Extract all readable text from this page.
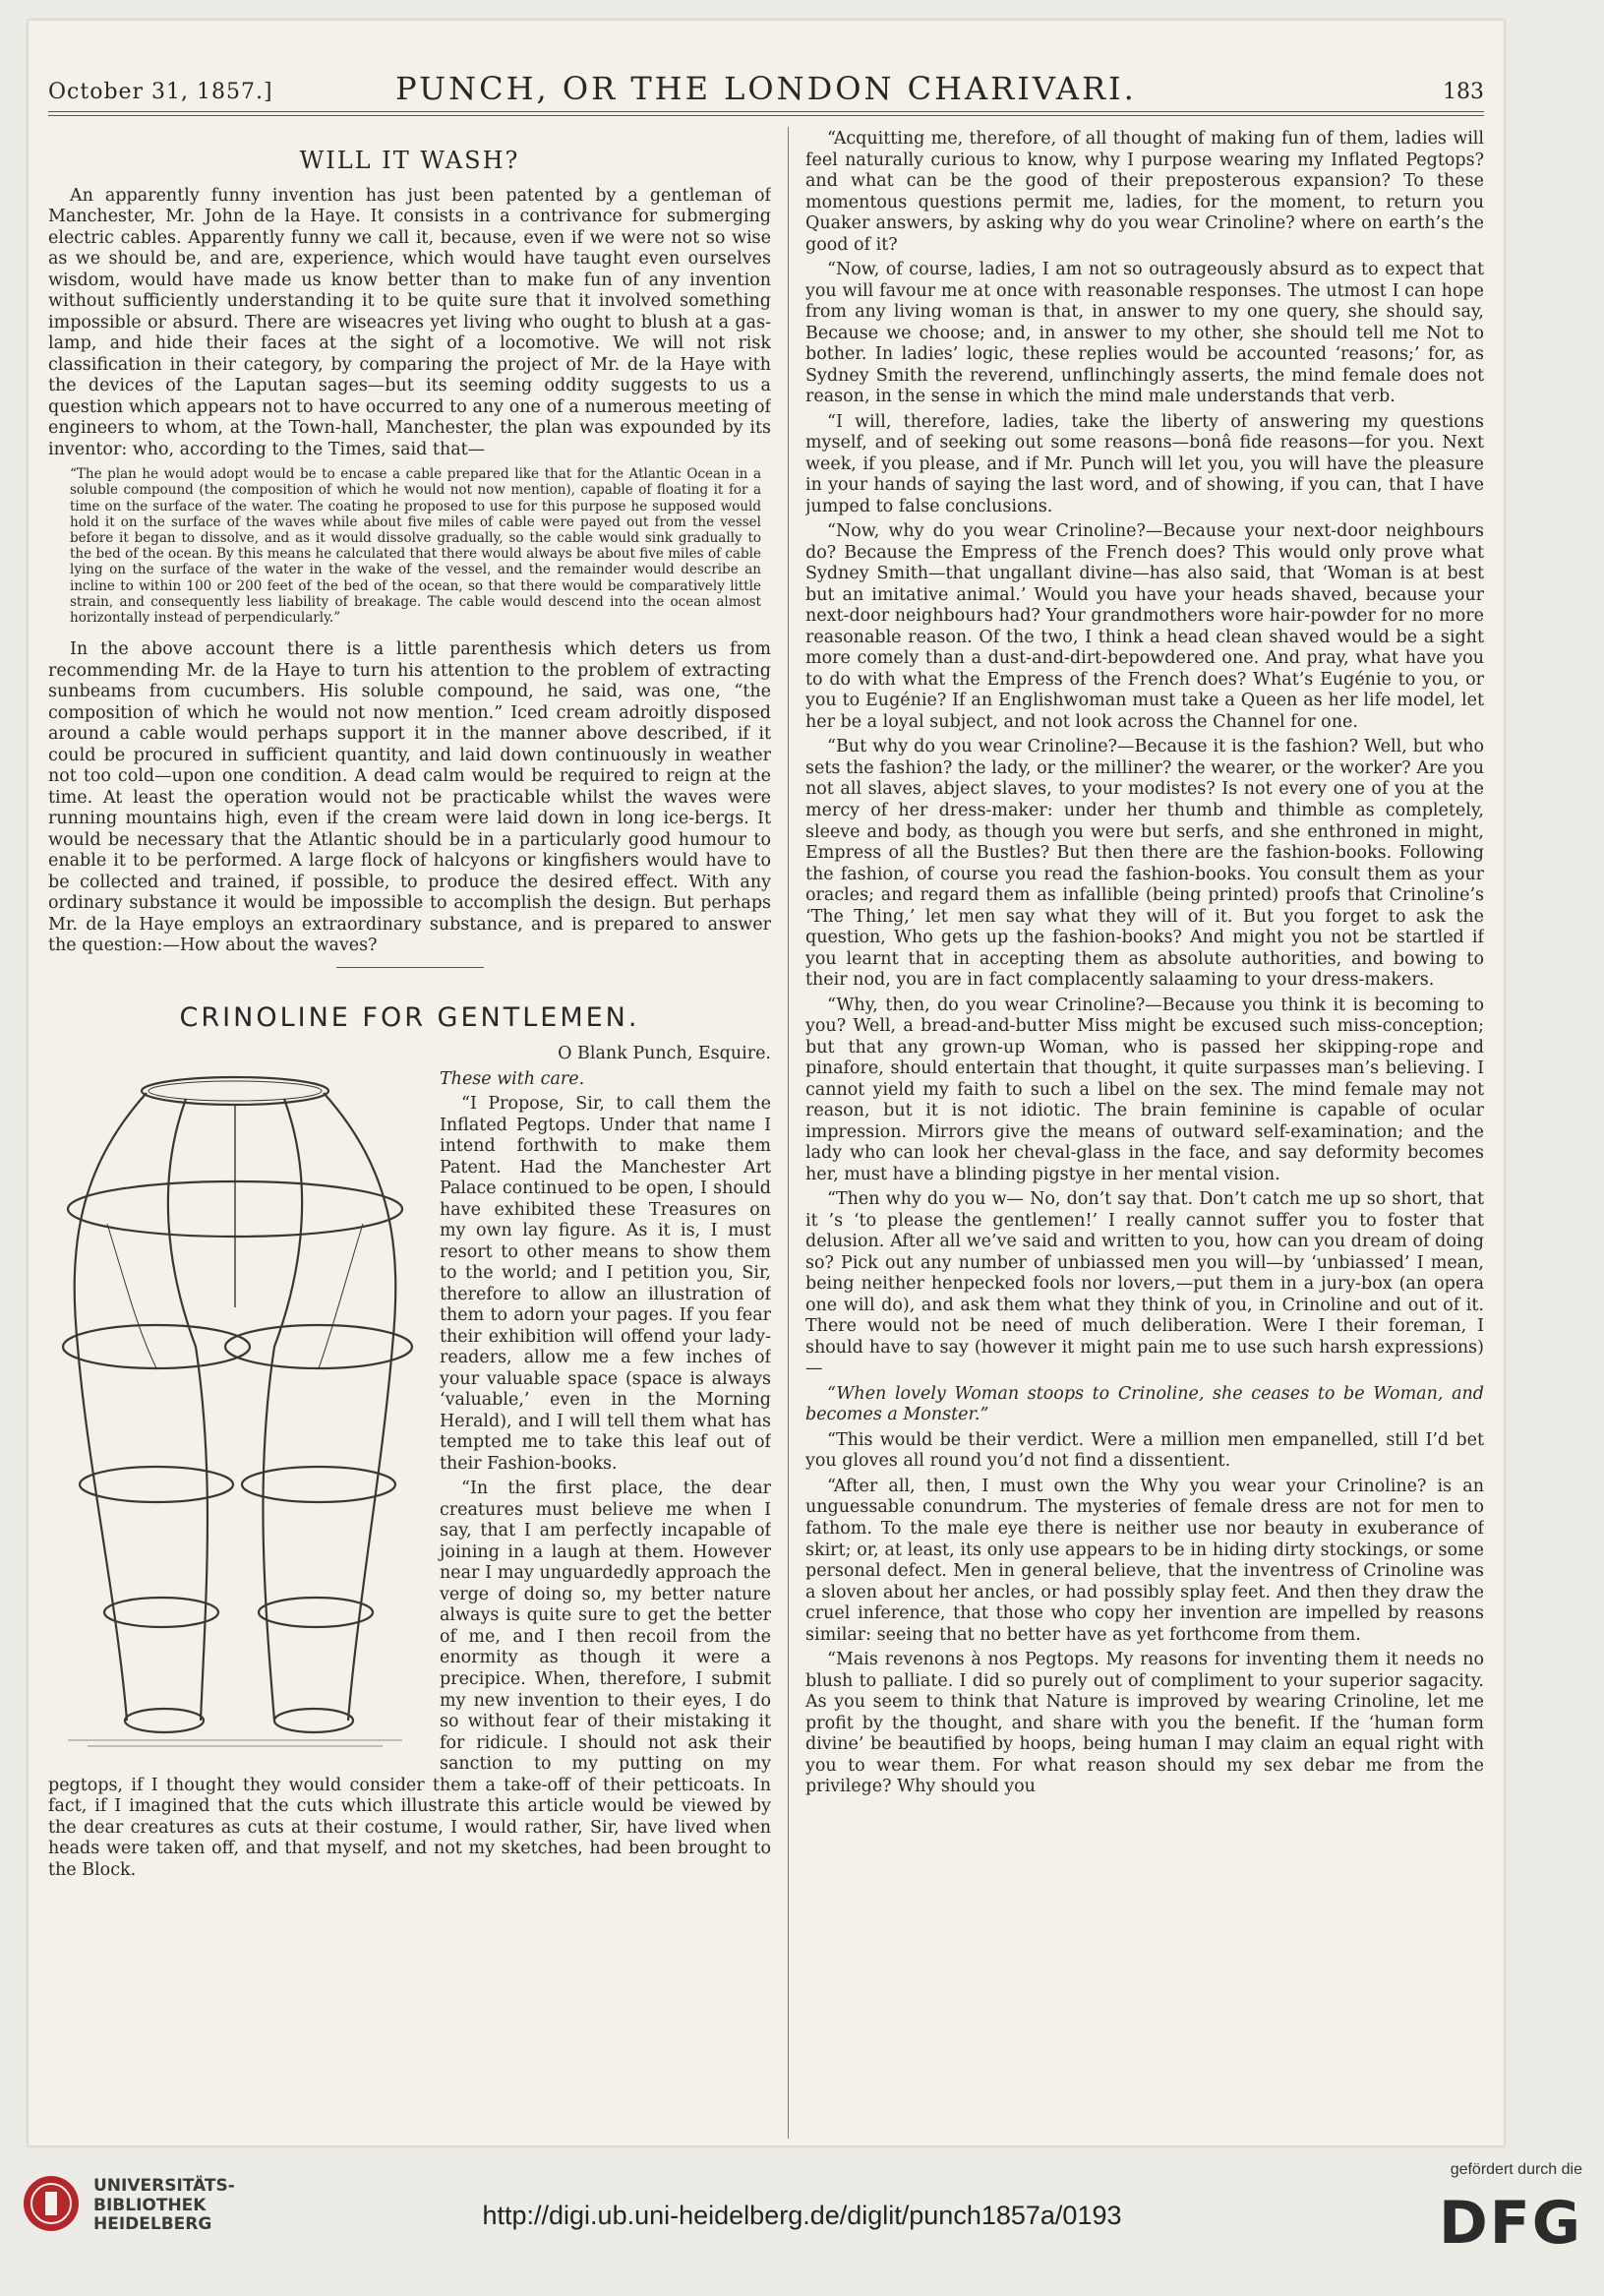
October 31, 1857.]	PUNCH, OR THE LONDON CHARIVARI.	183
WILL IT WASH?

An apparently funny invention has just been patented by a gentleman of Manchester, Mr. John de la Haye. It consists in a contrivance for submerging electric cables. Apparently funny we call it, because, even if we were not so wise as we should be, and are, experience, which would have taught even ourselves wisdom, would have made us know better than to make fun of any invention without sufficiently understanding it to be quite sure that it involved something impossible or absurd. There are wiseacres yet living who ought to blush at a gas-lamp, and hide their faces at the sight of a locomotive. We will not risk classification in their category, by comparing the project of Mr. de la Haye with the devices of the Laputan sages—but its seeming oddity suggests to us a question which appears not to have occurred to any one of a numerous meeting of engineers to whom, at the Town-hall, Manchester, the plan was expounded by its inventor: who, according to the Times, said that—

“The plan he would adopt would be to encase a cable prepared like that for the Atlantic Ocean in a soluble compound (the composition of which he would not now mention), capable of floating it for a time on the surface of the water. The coating he proposed to use for this purpose he supposed would hold it on the surface of the waves while about five miles of cable were payed out from the vessel before it began to dissolve, and as it would dissolve gradually, so the cable would sink gradually to the bed of the ocean. By this means he calculated that there would always be about five miles of cable lying on the surface of the water in the wake of the vessel, and the remainder would describe an incline to within 100 or 200 feet of the bed of the ocean, so that there would be comparatively little strain, and consequently less liability of breakage. The cable would descend into the ocean almost horizontally instead of perpendicularly.”

In the above account there is a little parenthesis which deters us from recommending Mr. de la Haye to turn his attention to the problem of extracting sunbeams from cucumbers. His soluble compound, he said, was one, “the composition of which he would not now mention.” Iced cream adroitly disposed around a cable would perhaps support it in the manner above described, if it could be procured in sufficient quantity, and laid down continuously in weather not too cold—upon one condition. A dead calm would be required to reign at the time. At least the operation would not be practicable whilst the waves were running mountains high, even if the cream were laid down in long ice-bergs. It would be necessary that the Atlantic should be in a particularly good humour to enable it to be performed. A large flock of halcyons or kingfishers would have to be collected and trained, if possible, to produce the desired effect. With any ordinary substance it would be impossible to accomplish the design. But perhaps Mr. de la Haye employs an extraordinary substance, and is prepared to answer the question:—How about the waves?

CRINOLINE FOR GENTLEMEN.

O Blank Punch, Esquire.

These with care.

“I Propose, Sir, to call them the Inflated Pegtops. Under that name I intend forthwith to make them Patent. Had the Manchester Art Palace continued to be open, I should have exhibited these Treasures on my own lay figure. As it is, I must resort to other means to show them to the world; and I petition you, Sir, therefore to allow an illustration of them to adorn your pages. If you fear their exhibition will offend your lady-readers, allow me a few inches of your valuable space (space is always ‘valuable,’ even in the Morning Herald), and I will tell them what has tempted me to take this leaf out of their Fashion-books.

“In the first place, the dear creatures must believe me when I say, that I am perfectly incapable of joining in a laugh at them. However near I may unguardedly approach the verge of doing so, my better nature always is quite sure to get the better of me, and I then recoil from the enormity as though it were a precipice. When, therefore, I submit my new invention to their eyes, I do so without fear of their mistaking it for ridicule. I should not ask their sanction to my putting on my pegtops, if I thought they would consider them a take-off of their petticoats. In fact, if I imagined that the cuts which illustrate this article would be viewed by the dear creatures as cuts at their costume, I would rather, Sir, have lived when heads were taken off, and that myself, and not my sketches, had been brought to the Block.

“Acquitting me, therefore, of all thought of making fun of them, ladies will feel naturally curious to know, why I purpose wearing my Inflated Pegtops? and what can be the good of their preposterous expansion? To these momentous questions permit me, ladies, for the moment, to return you Quaker answers, by asking why do you wear Crinoline? where on earth’s the good of it?

“Now, of course, ladies, I am not so outrageously absurd as to expect that you will favour me at once with reasonable responses. The utmost I can hope from any living woman is that, in answer to my one query, she should say, Because we choose; and, in answer to my other, she should tell me Not to bother. In ladies’ logic, these replies would be accounted ‘reasons;’ for, as Sydney Smith the reverend, unflinchingly asserts, the mind female does not reason, in the sense in which the mind male understands that verb.

“I will, therefore, ladies, take the liberty of answering my questions myself, and of seeking out some reasons—bonâ fide reasons—for you. Next week, if you please, and if Mr. Punch will let you, you will have the pleasure in your hands of saying the last word, and of showing, if you can, that I have jumped to false conclusions.

“Now, why do you wear Crinoline?—Because your next-door neighbours do? Because the Empress of the French does? This would only prove what Sydney Smith—that ungallant divine—has also said, that ‘Woman is at best but an imitative animal.’ Would you have your heads shaved, because your next-door neighbours had? Your grandmothers wore hair-powder for no more reasonable reason. Of the two, I think a head clean shaved would be a sight more comely than a dust-and-dirt-bepowdered one. And pray, what have you to do with what the Empress of the French does? What’s Eugénie to you, or you to Eugénie? If an Englishwoman must take a Queen as her life model, let her be a loyal subject, and not look across the Channel for one.

“But why do you wear Crinoline?—Because it is the fashion? Well, but who sets the fashion? the lady, or the milliner? the wearer, or the worker? Are you not all slaves, abject slaves, to your modistes? Is not every one of you at the mercy of her dress-maker: under her thumb and thimble as completely, sleeve and body, as though you were but serfs, and she enthroned in might, Empress of all the Bustles? But then there are the fashion-books. Following the fashion, of course you read the fashion-books. You consult them as your oracles; and regard them as infallible (being printed) proofs that Crinoline’s ‘The Thing,’ let men say what they will of it. But you forget to ask the question, Who gets up the fashion-books? And might you not be startled if you learnt that in accepting them as absolute authorities, and bowing to their nod, you are in fact complacently salaaming to your dress-makers.

“Why, then, do you wear Crinoline?—Because you think it is becoming to you? Well, a bread-and-butter Miss might be excused such miss-conception; but that any grown-up Woman, who is passed her skipping-rope and pinafore, should entertain that thought, it quite surpasses man’s believing. I cannot yield my faith to such a libel on the sex. The mind female may not reason, but it is not idiotic. The brain feminine is capable of ocular impression. Mirrors give the means of outward self-examination; and the lady who can look her cheval-glass in the face, and say deformity becomes her, must have a blinding pigstye in her mental vision.

“Then why do you w— No, don’t say that. Don’t catch me up so short, that it ’s ‘to please the gentlemen!’ I really cannot suffer you to foster that delusion. After all we’ve said and written to you, how can you dream of doing so? Pick out any number of unbiassed men you will—by ‘unbiassed’ I mean, being neither henpecked fools nor lovers,—put them in a jury-box (an opera one will do), and ask them what they think of you, in Crinoline and out of it. There would not be need of much deliberation. Were I their foreman, I should have to say (however it might pain me to use such harsh expressions)—

“When lovely Woman stoops to Crinoline, she ceases to be Woman, and becomes a Monster.”

“This would be their verdict. Were a million men empanelled, still I’d bet you gloves all round you’d not find a dissentient.

“After all, then, I must own the Why you wear your Crinoline? is an unguessable conundrum. The mysteries of female dress are not for men to fathom. To the male eye there is neither use nor beauty in exuberance of skirt; or, at least, its only use appears to be in hiding dirty stockings, or some personal defect. Men in general believe, that the inventress of Crinoline was a sloven about her ancles, or had possibly splay feet. And then they draw the cruel inference, that those who copy her invention are impelled by reasons similar: seeing that no better have as yet forthcome from them.

“Mais revenons à nos Pegtops. My reasons for inventing them it needs no blush to palliate. I did so purely out of compliment to your superior sagacity. As you seem to think that Nature is improved by wearing Crinoline, let me profit by the thought, and share with you the benefit. If the ‘human form divine’ be beautified by hoops, being human I may claim an equal right with you to wear them. For what reason should my sex debar me from the privilege? Why should you

UNIVERSITÄTS-
BIBLIOTHEK
HEIDELBERG	http://digi.ub.uni-heidelberg.de/diglit/punch1857a/0193
gefördert durch die
DFG
